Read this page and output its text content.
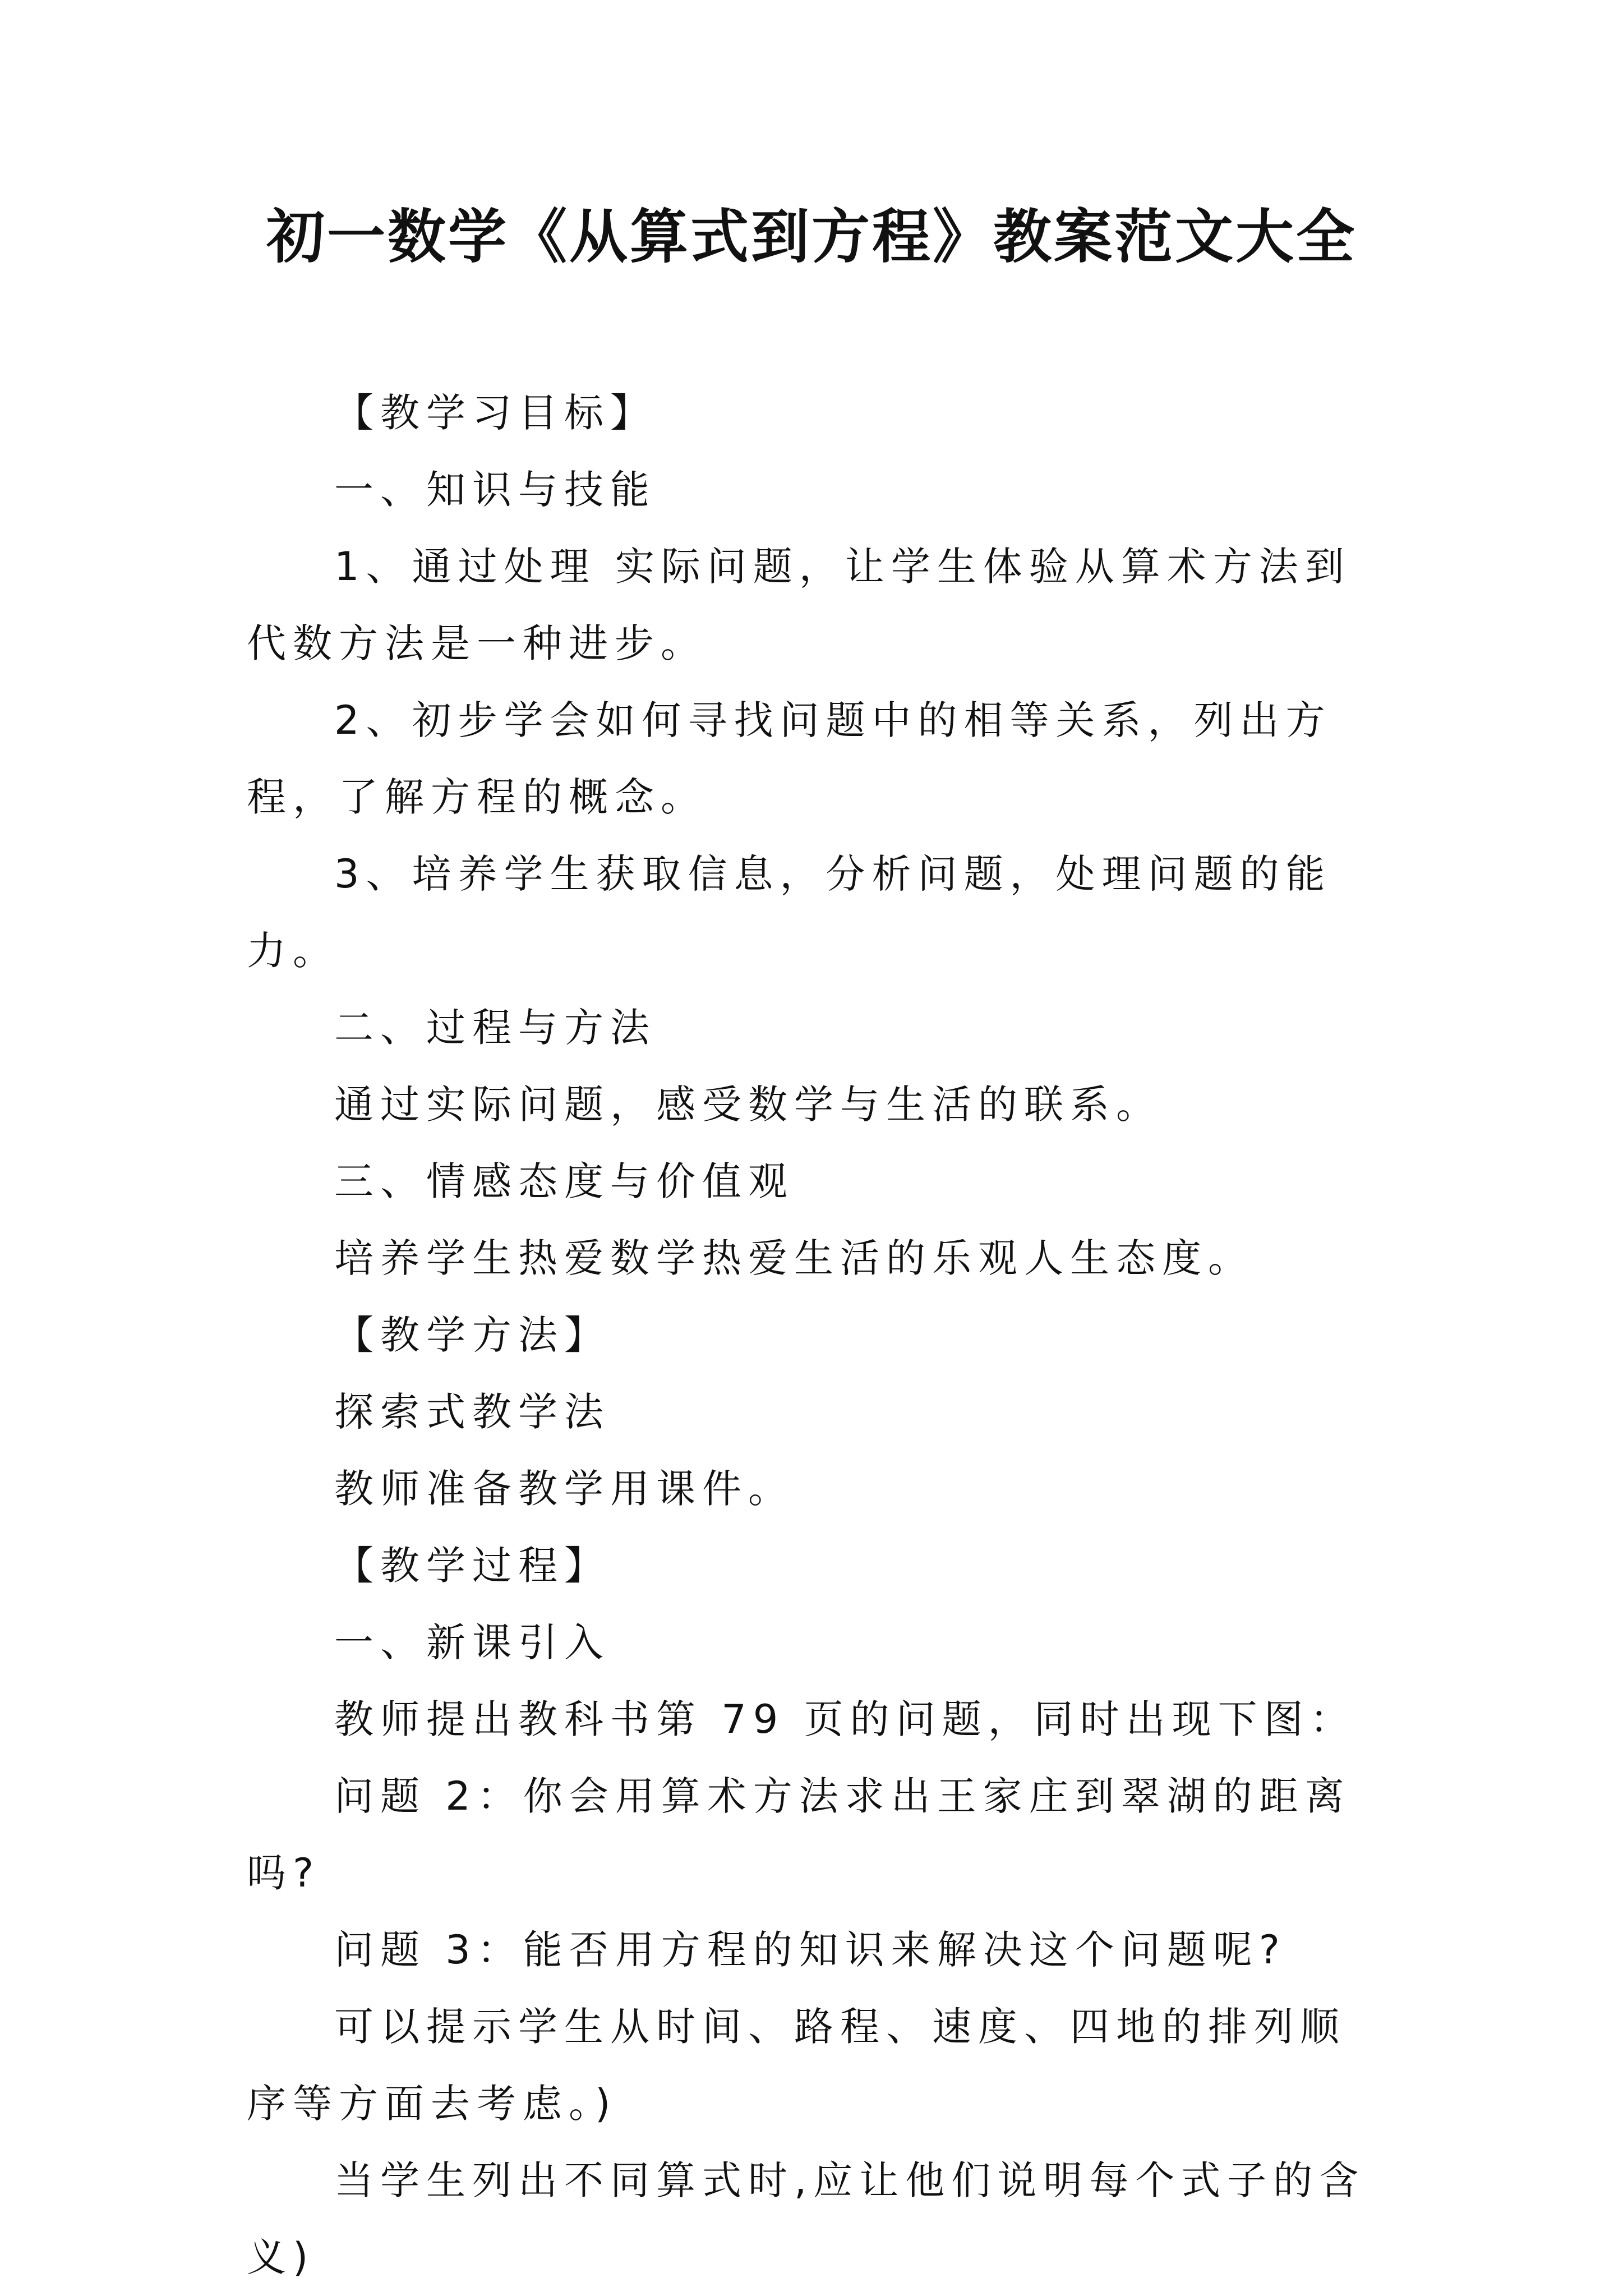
初一数学《从算式到方程》教案范文大全

【教学习目标】

一、知识与技能

1、通过处理 实际问题，让学生体验从算术方法到代数方法是一种进步。

2、初步学会如何寻找问题中的相等关系，列出方程，了解方程的概念。

3、培养学生获取信息，分析问题，处理问题的能力。

二、过程与方法

通过实际问题，感受数学与生活的联系。

三、情感态度与价值观

培养学生热爱数学热爱生活的乐观人生态度。

【教学方法】

探索式教学法

教师准备教学用课件。

【教学过程】

一、新课引入

教师提出教科书第 79 页的问题，同时出现下图：

问题 2：你会用算术方法求出王家庄到翠湖的距离吗?

问题 3：能否用方程的知识来解决这个问题呢?

可以提示学生从时间、路程、速度、四地的排列顺序等方面去考虑。)

当学生列出不同算式时,应让他们说明每个式子的含义)
